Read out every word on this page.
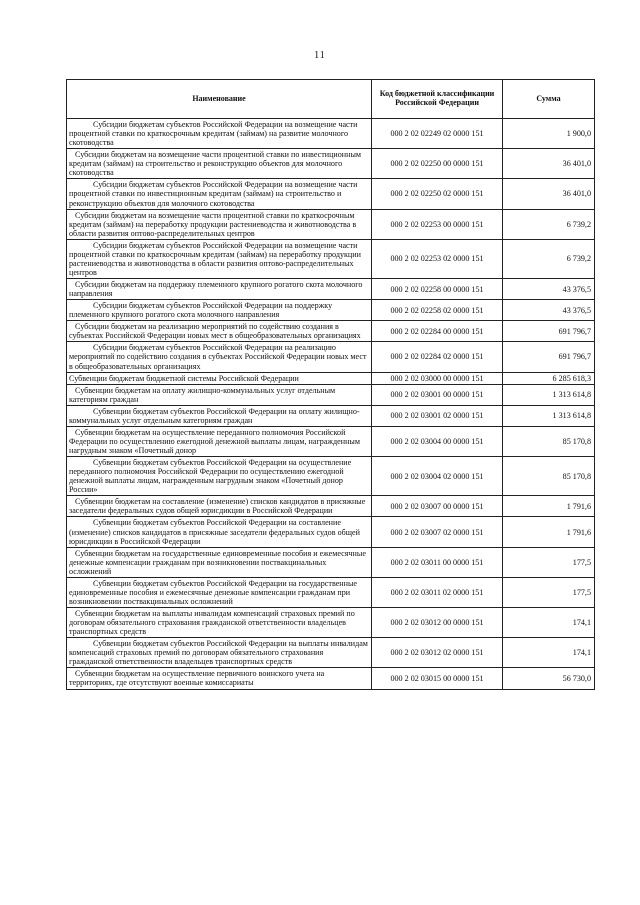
11
Наименование	Код бюджетной классификации Российской Федерации	Сумма
Субсидии бюджетам субъектов Российской Федерации на возмещение части процентной ставки по краткосрочным кредитам (займам) на развитие молочного скотоводства	000 2 02 02249 02 0000 151	1 900,0
Субсидии бюджетам на возмещение части процентной ставки по инвестиционным кредитам (займам) на строительство и реконструкцию объектов для молочного скотоводства	000 2 02 02250 00 0000 151	36 401,0
Субсидии бюджетам субъектов Российской Федерации на возмещение части процентной ставки по инвестиционным кредитам (займам) на строительство и реконструкцию объектов для молочного скотоводства	000 2 02 02250 02 0000 151	36 401,0
Субсидии бюджетам на возмещение части процентной ставки по краткосрочным кредитам (займам) на переработку продукции растениеводства и животноводства в области развития оптово-распределительных центров	000 2 02 02253 00 0000 151	6 739,2
Субсидии бюджетам субъектов Российской Федерации на возмещение части процентной ставки по краткосрочным кредитам (займам) на переработку продукции растениеводства и животноводства в области развития оптово-распределительных центров	000 2 02 02253 02 0000 151	6 739,2
Субсидии бюджетам на поддержку племенного крупного рогатого скота молочного направления	000 2 02 02258 00 0000 151	43 376,5
Субсидии бюджетам субъектов Российской Федерации на поддержку племенного крупного рогатого скота молочного направления	000 2 02 02258 02 0000 151	43 376,5
Субсидии бюджетам на реализацию мероприятий по содействию создания в субъектах Российской Федерации новых мест в общеобразовательных организациях	000 2 02 02284 00 0000 151	691 796,7
Субсидии бюджетам субъектов Российской Федерации на реализацию мероприятий по содействию создания в субъектах Российской Федерации новых мест в общеобразовательных организациях	000 2 02 02284 02 0000 151	691 796,7
Субвенции бюджетам бюджетной системы Российской Федерации	000 2 02 03000 00 0000 151	6 285 618,3
Субвенции бюджетам на оплату жилищно-коммунальных услуг отдельным категориям граждан	000 2 02 03001 00 0000 151	1 313 614,8
Субвенции бюджетам субъектов Российской Федерации на оплату жилищно-коммунальных услуг отдельным категориям граждан	000 2 02 03001 02 0000 151	1 313 614,8
Субвенции бюджетам на осуществление переданного полномочия Российской Федерации по осуществлению ежегодной денежной выплаты лицам, награжденным нагрудным знаком «Почетный донор	000 2 02 03004 00 0000 151	85 170,8
Субвенции бюджетам субъектов Российской Федерации на осуществление переданного полномочия Российской Федерации по осуществлению ежегодной денежной выплаты лицам, награжденным нагрудным знаком «Почетный донор России»	000 2 02 03004 02 0000 151	85 170,8
Субвенции бюджетам на составление (изменение) списков кандидатов в присяжные заседатели федеральных судов общей юрисдикции в Российской Федерации	000 2 02 03007 00 0000 151	1 791,6
Субвенции бюджетам субъектов Российской Федерации на составление (изменение) списков кандидатов в присяжные заседатели федеральных судов общей юрисдикции в Российской Федерации	000 2 02 03007 02 0000 151	1 791,6
Субвенции бюджетам на государственные единовременные пособия и ежемесячные денежные компенсации гражданам при возникновении поствакцинальных осложнений	000 2 02 03011 00 0000 151	177,5
Субвенции бюджетам субъектов Российской Федерации на государственные единовременные пособия и ежемесячные денежные компенсации гражданам при возникновении поствакцинальных осложнений	000 2 02 03011 02 0000 151	177,5
Субвенции бюджетам на выплаты инвалидам компенсаций страховых премий по договорам обязательного страхования гражданской ответственности владельцев транспортных средств	000 2 02 03012 00 0000 151	174,1
Субвенции бюджетам субъектов Российской Федерации на выплаты инвалидам компенсаций страховых премий по договорам обязательного страхования гражданской ответственности владельцев транспортных средств	000 2 02 03012 02 0000 151	174,1
Субвенции бюджетам на осуществление первичного воинского учета на территориях, где отсутствуют военные комиссариаты	000 2 02 03015 00 0000 151	56 730,0
